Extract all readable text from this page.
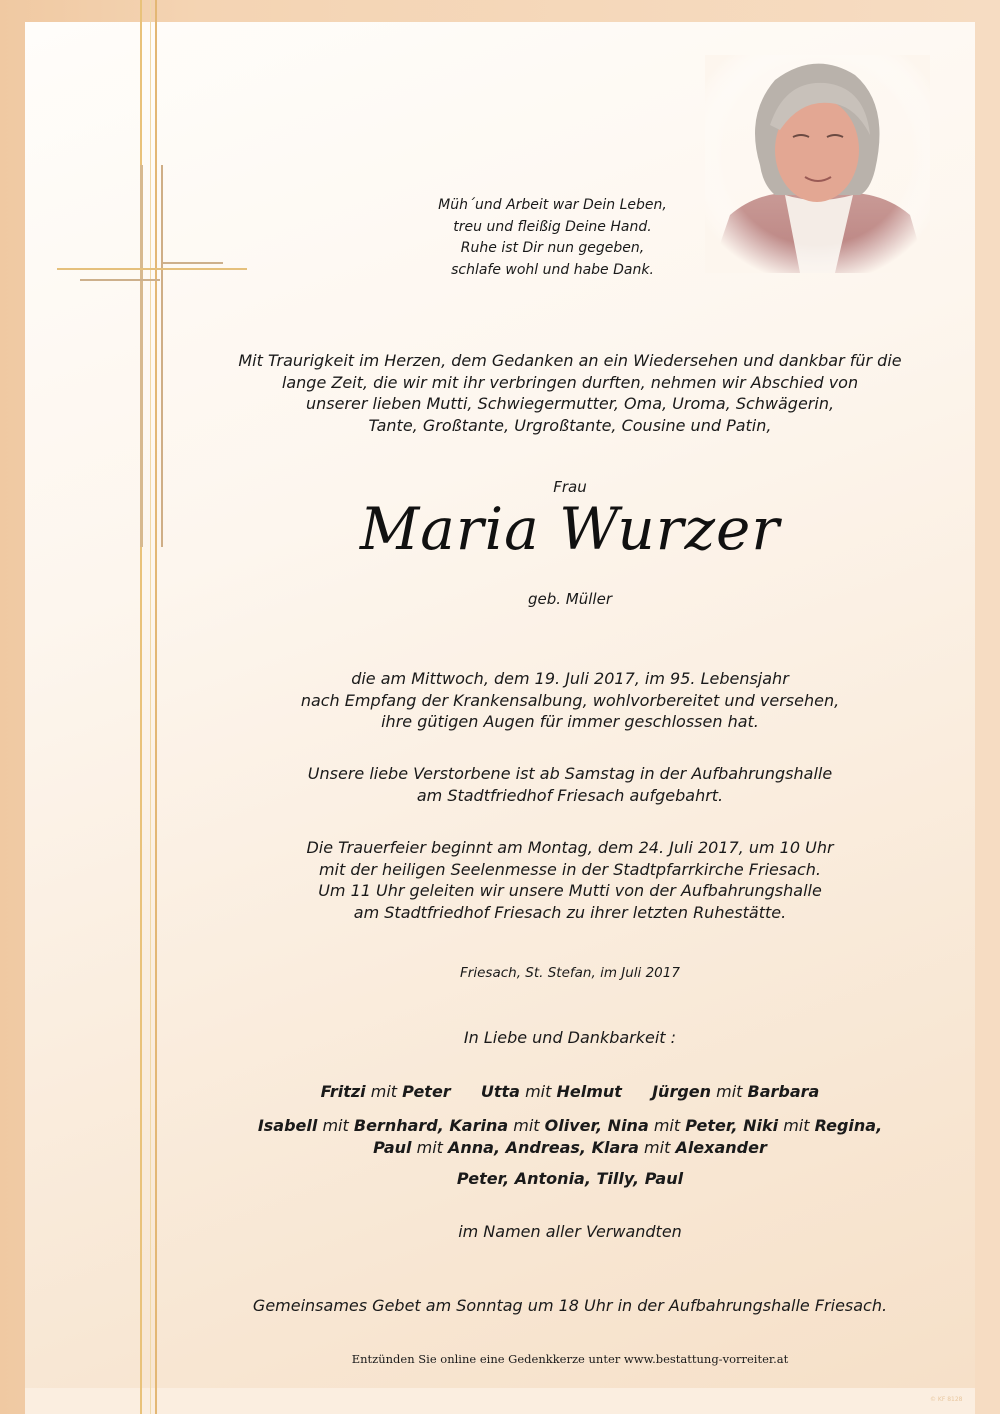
Müh´und Arbeit war Dein Leben,
treu und fleißig Deine Hand.
Ruhe ist Dir nun gegeben,
schlafe wohl und habe Dank.
Mit Traurigkeit im Herzen, dem Gedanken an ein Wiedersehen und dankbar für die
lange Zeit, die wir mit ihr verbringen durften, nehmen wir Abschied von
unserer lieben Mutti, Schwiegermutter, Oma, Uroma, Schwägerin,
Tante, Großtante, Urgroßtante, Cousine und Patin,
Frau
Maria Wurzer
geb. Müller
die am Mittwoch, dem 19. Juli 2017, im 95. Lebensjahr
nach Empfang der Krankensalbung, wohlvorbereitet und versehen,
ihre gütigen Augen für immer geschlossen hat.
Unsere liebe Verstorbene ist ab Samstag in der Aufbahrungshalle
am Stadtfriedhof Friesach aufgebahrt.
Die Trauerfeier beginnt am Montag, dem 24. Juli 2017, um 10 Uhr
mit der heiligen Seelenmesse in der Stadtpfarrkirche Friesach.
Um 11 Uhr geleiten wir unsere Mutti von der Aufbahrungshalle
am Stadtfriedhof Friesach zu ihrer letzten Ruhestätte.
Friesach, St. Stefan, im Juli 2017
In Liebe und Dankbarkeit :
Fritzi mit Peter Utta mit Helmut Jürgen mit Barbara
Isabell mit Bernhard, Karina mit Oliver, Nina mit Peter, Niki mit Regina,
Paul mit Anna, Andreas, Klara mit Alexander
Peter, Antonia, Tilly, Paul
im Namen aller Verwandten
Gemeinsames Gebet am Sonntag um 18 Uhr in der Aufbahrungshalle Friesach.
Entzünden Sie online eine Gedenkkerze unter www.bestattung-vorreiter.at
© KF 8128
